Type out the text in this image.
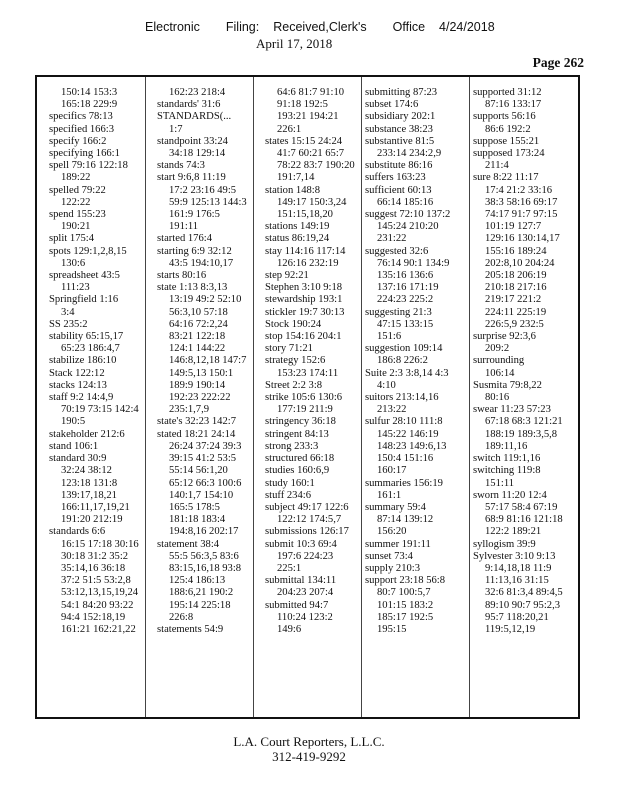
Electronic Filing: Received,Clerk's Office 4/24/2018
April 17, 2018
Page 262
150:14 153:3
165:18 229:9
specifics 78:13
specified 166:3
specify 166:2
specifying 166:1
spell 79:16 122:18
189:22
spelled 79:22
122:22
spend 155:23
190:21
split 175:4
spots 129:1,2,8,15
130:6
spreadsheet 43:5
111:23
Springfield 1:16
3:4
SS 235:2
stability 65:15,17
65:23 186:4,7
stabilize 186:10
Stack 122:12
stacks 124:13
staff 9:2 14:4,9
70:19 73:15 142:4
190:5
stakeholder 212:6
stand 106:1
standard 30:9
32:24 38:12
123:18 131:8
139:17,18,21
166:11,17,19,21
191:20 212:19
standards 6:6
16:15 17:18 30:16
30:18 31:2 35:2
35:14,16 36:18
37:2 51:5 53:2,8
53:12,13,15,19,24
54:1 84:20 93:22
94:4 152:18,19
161:21 162:21,22
162:23 218:4
standards' 31:6
STANDARDS(...
1:7
standpoint 33:24
34:18 129:14
stands 74:3
start 9:6,8 11:19
17:2 23:16 49:5
59:9 125:13 144:3
161:9 176:5
191:11
started 176:4
starting 6:9 32:12
43:5 194:10,17
starts 80:16
state 1:13 8:3,13
13:19 49:2 52:10
56:3,10 57:18
64:16 72:2,24
83:21 122:18
124:1 144:22
146:8,12,18 147:7
149:5,13 150:1
189:9 190:14
192:23 222:22
235:1,7,9
state's 32:23 142:7
stated 18:21 24:14
26:24 37:24 39:3
39:15 41:2 53:5
55:14 56:1,20
65:12 66:3 100:6
140:1,7 154:10
165:5 178:5
181:18 183:4
194:8,16 202:17
statement 38:4
55:5 56:3,5 83:6
83:15,16,18 93:8
125:4 186:13
188:6,21 190:2
195:14 225:18
226:8
statements 54:9
64:6 81:7 91:10
91:18 192:5
193:21 194:21
226:1
states 15:15 24:24
41:7 60:21 65:7
78:22 83:7 190:20
191:7,14
station 148:8
149:17 150:3,24
151:15,18,20
stations 149:19
status 86:19,24
stay 114:16 117:14
126:16 232:19
step 92:21
Stephen 3:10 9:18
stewardship 193:1
stickler 19:7 30:13
Stock 190:24
stop 154:16 204:1
story 71:21
strategy 152:6
153:23 174:11
Street 2:2 3:8
strike 105:6 130:6
177:19 211:9
stringency 36:18
stringent 84:13
strong 233:3
structured 66:18
studies 160:6,9
study 160:1
stuff 234:6
subject 49:17 122:6
122:12 174:5,7
submissions 126:17
submit 10:3 69:4
197:6 224:23
225:1
submittal 134:11
204:23 207:4
submitted 94:7
110:24 123:2
149:6
submitting 87:23
subset 174:6
subsidiary 202:1
substance 38:23
substantive 81:5
233:14 234:2,9
substitute 86:16
suffers 163:23
sufficient 60:13
66:14 185:16
suggest 72:10 137:2
145:24 210:20
231:22
suggested 32:6
76:14 90:1 134:9
135:16 136:6
137:16 171:19
224:23 225:2
suggesting 21:3
47:15 133:15
151:6
suggestion 109:14
186:8 226:2
Suite 2:3 3:8,14 4:3
4:10
suitors 213:14,16
213:22
sulfur 28:10 111:8
145:22 146:19
148:23 149:6,13
150:4 151:16
160:17
summaries 156:19
161:1
summary 59:4
87:14 139:12
156:20
summer 191:11
sunset 73:4
supply 210:3
support 23:18 56:8
80:7 100:5,7
101:15 183:2
185:17 192:5
195:15
supported 31:12
87:16 133:17
supports 56:16
86:6 192:2
suppose 155:21
supposed 173:24
211:4
sure 8:22 11:17
17:4 21:2 33:16
38:3 58:16 69:17
74:17 91:7 97:15
101:19 127:7
129:16 130:14,17
155:16 189:24
202:8,10 204:24
205:18 206:19
210:18 217:16
219:17 221:2
224:11 225:19
226:5,9 232:5
surprise 92:3,6
209:2
surrounding
106:14
Susmita 79:8,22
80:16
swear 11:23 57:23
67:18 68:3 121:21
188:19 189:3,5,8
189:11,16
switch 119:1,16
switching 119:8
151:11
sworn 11:20 12:4
57:17 58:4 67:19
68:9 81:16 121:18
122:2 189:21
syllogism 39:9
Sylvester 3:10 9:13
9:14,18,18 11:9
11:13,16 31:15
32:6 81:3,4 89:4,5
89:10 90:7 95:2,3
95:7 118:20,21
119:5,12,19
L.A. Court Reporters, L.L.C.
312-419-9292
